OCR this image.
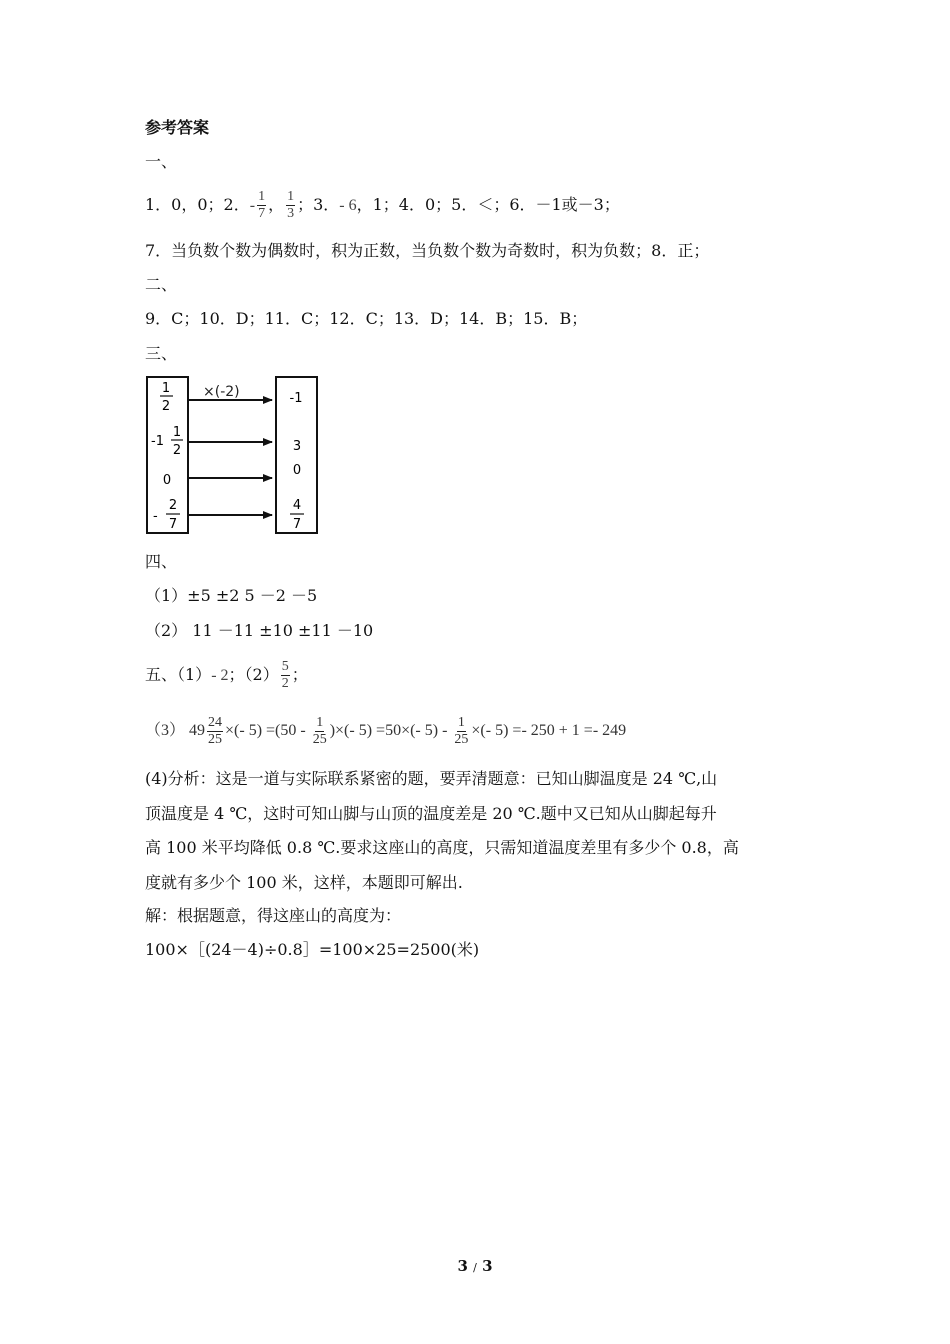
参考答案
一、
1．0，0；2．- $\frac{1}{7}$ ， $\frac{1}{3}$ ；3．- 6，1；4．0；5．＜；6．－1或－3；
7．当负数个数为偶数时，积为正数，当负数个数为奇数时，积为负数；8．正；
二、
9．C；10．D；11．C；12．C；13．D；14．B；15．B；
三、
×(-2)
1
2
-1
1
2
0
-
2
7
-1
3
0
4
7
四、
（1）±5 ±2 5 －2 －5
（2） 11 －11 ±10 ±11 －10
五、（1）- 2；$(2) \frac{5}{2}$ ；
（3） $49 \frac{24}{25}$ ×(- $5) =(50 - \frac{1}{25}$ )×(- 5) =50×(- $5) - \frac{1}{25}$ ×(- 5) =- 250 + 1 =- 249
(4)分析：这是一道与实际联系紧密的题，要弄清题意：已知山脚温度是 24 ℃,山
顶温度是 4 ℃，这时可知山脚与山顶的温度差是 20 ℃.题中又已知从山脚起每升
高 100 米平均降低 0.8 ℃.要求这座山的高度，只需知道温度差里有多少个 0.8，高
度就有多少个 100 米，这样，本题即可解出.
解：根据题意，得这座山的高度为：
100×［(24－4)÷0.8］=100×25=2500(米)
3 / 3
